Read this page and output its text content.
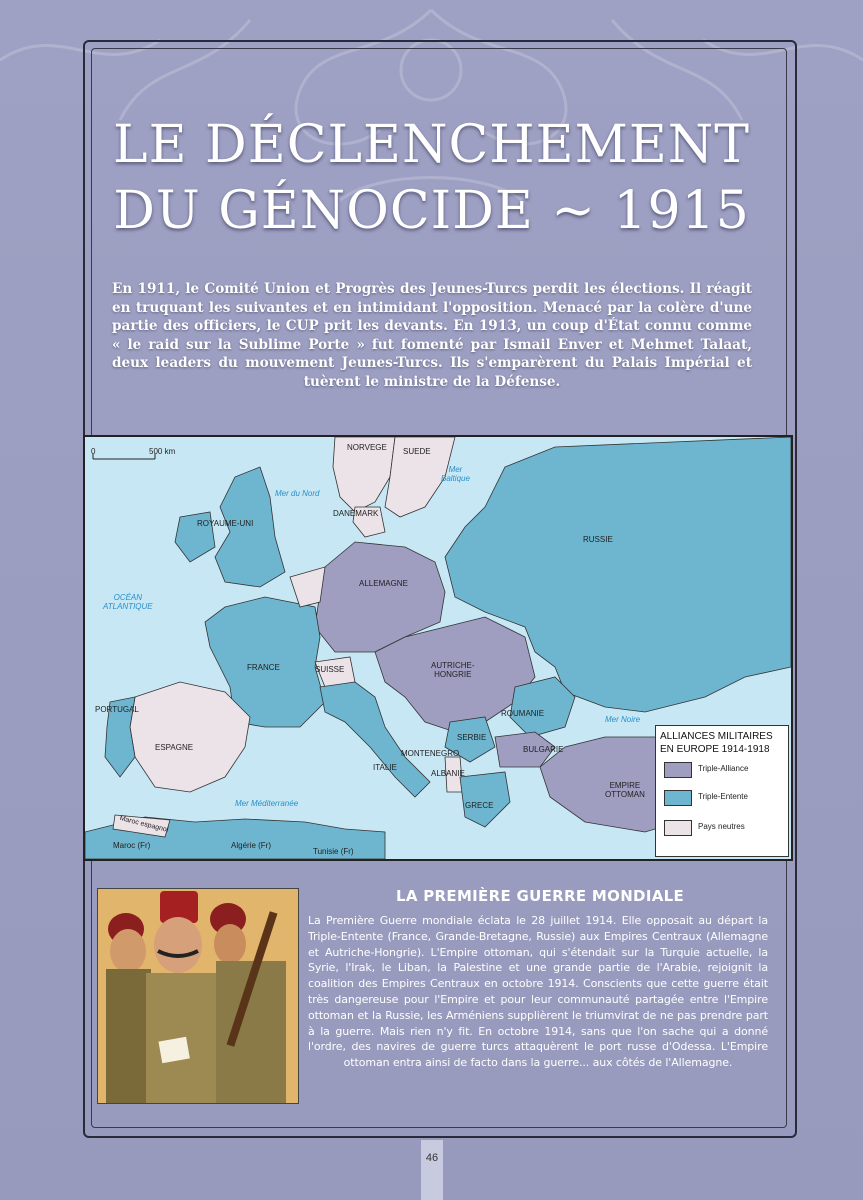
LE DÉCLENCHEMENT
DU GÉNOCIDE ~ 1915
En 1911, le Comité Union et Progrès des Jeunes-Turcs perdit les élections. Il réagit en truquant les suivantes et en intimidant l'opposition. Menacé par la colère d'une partie des officiers, le CUP prit les devants. En 1913, un coup d'État connu comme « le raid sur la Sublime Porte » fut fomenté par Ismail Enver et Mehmet Talaat, deux leaders du mouvement Jeunes-Turcs. Ils s'emparèrent du Palais Impérial et tuèrent le ministre de la Défense.
0	500 km	NORVEGE SUEDE
ROYAUME-UNI
DANEMARK
RUSSIE
ALLEMAGNE
FRANCE	SUISSE	AUTRICHE-
HONGRIE
PORTUGAL
ESPAGNE
ROUMANIE
SERBIE
MONTENEGRO	BULGARIE
ITALIE
ALBANIE
GRECE
EMPIRE
OTTOMAN
Maroc espagnol
Maroc (Fr)	Algérie (Fr)
Tunisie (Fr)
Mer du Nord
Mer
Baltique
OCÉAN
ATLANTIQUE
Mer Noire
Mer Méditerranée
ALLIANCES MILITAIRES EN EUROPE 1914-1918
Triple-Alliance
Triple-Entente
Pays neutres
LA PREMIÈRE GUERRE MONDIALE
La Première Guerre mondiale éclata le 28 juillet 1914. Elle opposait au départ la Triple-Entente (France, Grande-Bretagne, Russie) aux Empires Centraux (Allemagne et Autriche-Hongrie). L'Empire ottoman, qui s'étendait sur la Turquie actuelle, la Syrie, l'Irak, le Liban, la Palestine et une grande partie de l'Arabie, rejoignit la coalition des Empires Centraux en octobre 1914. Conscients que cette guerre était très dangereuse pour l'Empire et pour leur communauté partagée entre l'Empire ottoman et la Russie, les Arméniens supplièrent le triumvirat de ne pas prendre part à la guerre. Mais rien n'y fit. En octobre 1914, sans que l'on sache qui a donné l'ordre, des navires de guerre turcs attaquèrent le port russe d'Odessa. L'Empire ottoman entra ainsi de facto dans la guerre... aux côtés de l'Allemagne.
46
